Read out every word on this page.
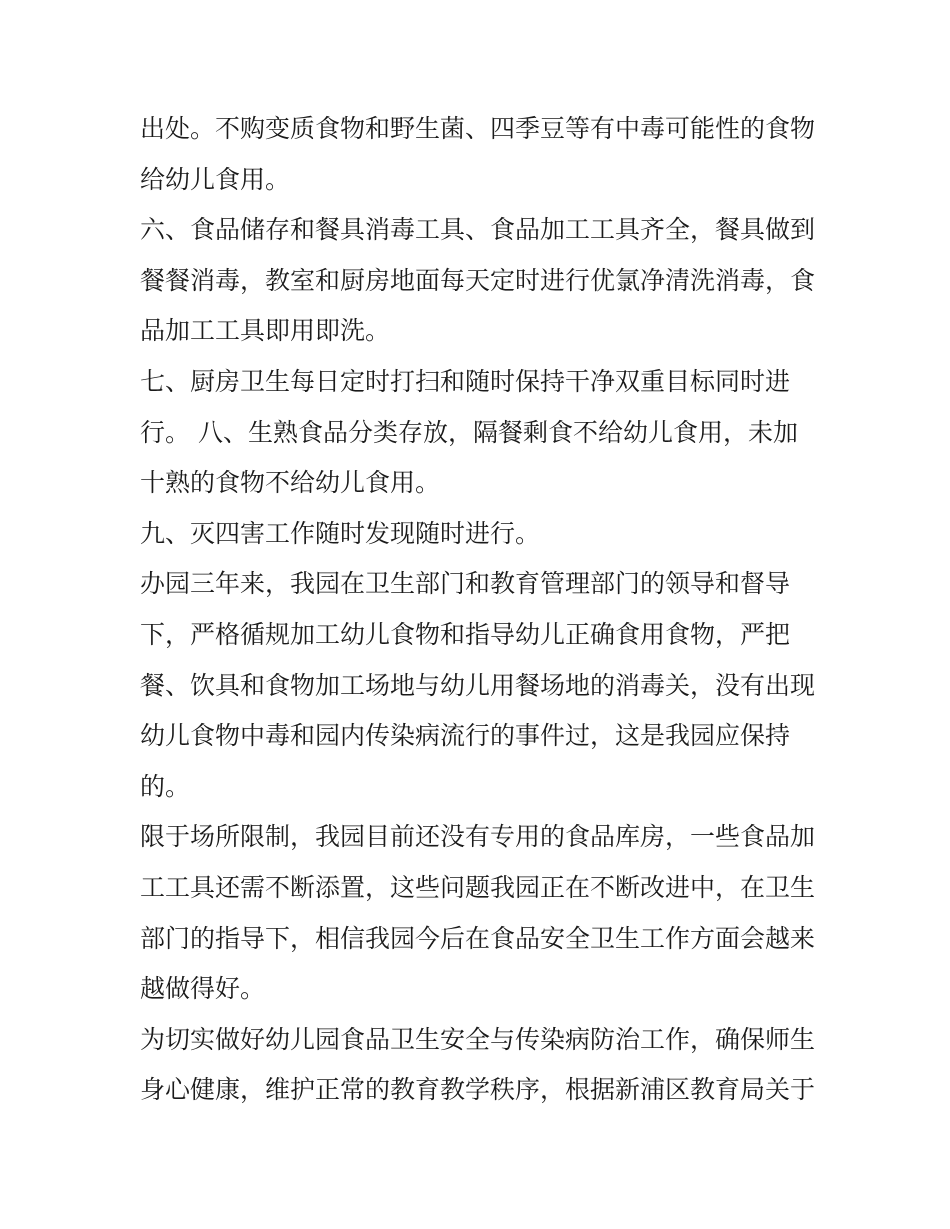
出处。不购变质食物和野生菌、四季豆等有中毒可能性的食物
给幼儿食用。
六、食品储存和餐具消毒工具、食品加工工具齐全，餐具做到
餐餐消毒，教室和厨房地面每天定时进行优氯净清洗消毒，食
品加工工具即用即洗。
七、厨房卫生每日定时打扫和随时保持干净双重目标同时进
行。 八、生熟食品分类存放，隔餐剩食不给幼儿食用，未加
十熟的食物不给幼儿食用。
九、灭四害工作随时发现随时进行。
办园三年来，我园在卫生部门和教育管理部门的领导和督导
下，严格循规加工幼儿食物和指导幼儿正确食用食物，严把
餐、饮具和食物加工场地与幼儿用餐场地的消毒关，没有出现
幼儿食物中毒和园内传染病流行的事件过，这是我园应保持
的。
限于场所限制，我园目前还没有专用的食品库房，一些食品加
工工具还需不断添置，这些问题我园正在不断改进中，在卫生
部门的指导下，相信我园今后在食品安全卫生工作方面会越来
越做得好。
为切实做好幼儿园食品卫生安全与传染病防治工作，确保师生
身心健康，维护正常的教育教学秩序，根据新浦区教育局关于
